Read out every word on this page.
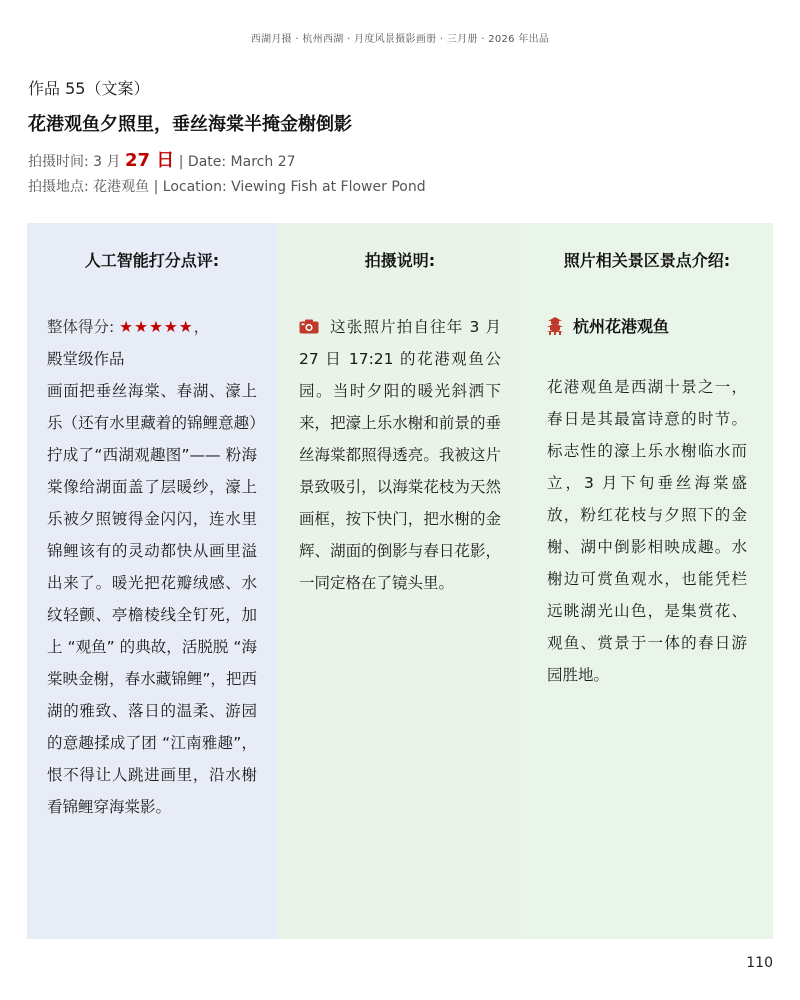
西湖月摄 · 杭州西湖 · 月度风景摄影画册 · 三月册 · 2026 年出品
作品 55（文案）
花港观鱼夕照里，垂丝海棠半掩金榭倒影
拍摄时间: 3 月 27 日 | Date: March 27
拍摄地点: 花港观鱼 | Location: Viewing Fish at Flower Pond
人工智能打分点评:
整体得分: ★★★★★，
殿堂级作品
画面把垂丝海棠、春湖、濠上乐（还有水里藏着的锦鲤意趣）拧成了“西湖观趣图”—— 粉海棠像给湖面盖了层暖纱，濠上乐被夕照镀得金闪闪，连水里锦鲤该有的灵动都快从画里溢出来了。暖光把花瓣绒感、水纹轻颤、亭檐棱线全钉死，加上 “观鱼” 的典故，活脱脱 “海棠映金榭，春水藏锦鲤”，把西湖的雅致、落日的温柔、游园的意趣揉成了团 “江南雅趣”，恨不得让人跳进画里，沿水榭看锦鲤穿海棠影。
拍摄说明:
这张照片拍自往年 3 月 27 日 17:21 的花港观鱼公园。当时夕阳的暖光斜洒下来，把濠上乐水榭和前景的垂丝海棠都照得透亮。我被这片景致吸引，以海棠花枝为天然画框，按下快门，把水榭的金辉、湖面的倒影与春日花影，一同定格在了镜头里。
照片相关景区景点介绍:
杭州花港观鱼
花港观鱼是西湖十景之一，春日是其最富诗意的时节。标志性的濠上乐水榭临水而立，3 月下旬垂丝海棠盛放，粉红花枝与夕照下的金榭、湖中倒影相映成趣。水榭边可赏鱼观水，也能凭栏远眺湖光山色，是集赏花、观鱼、赏景于一体的春日游园胜地。
110
